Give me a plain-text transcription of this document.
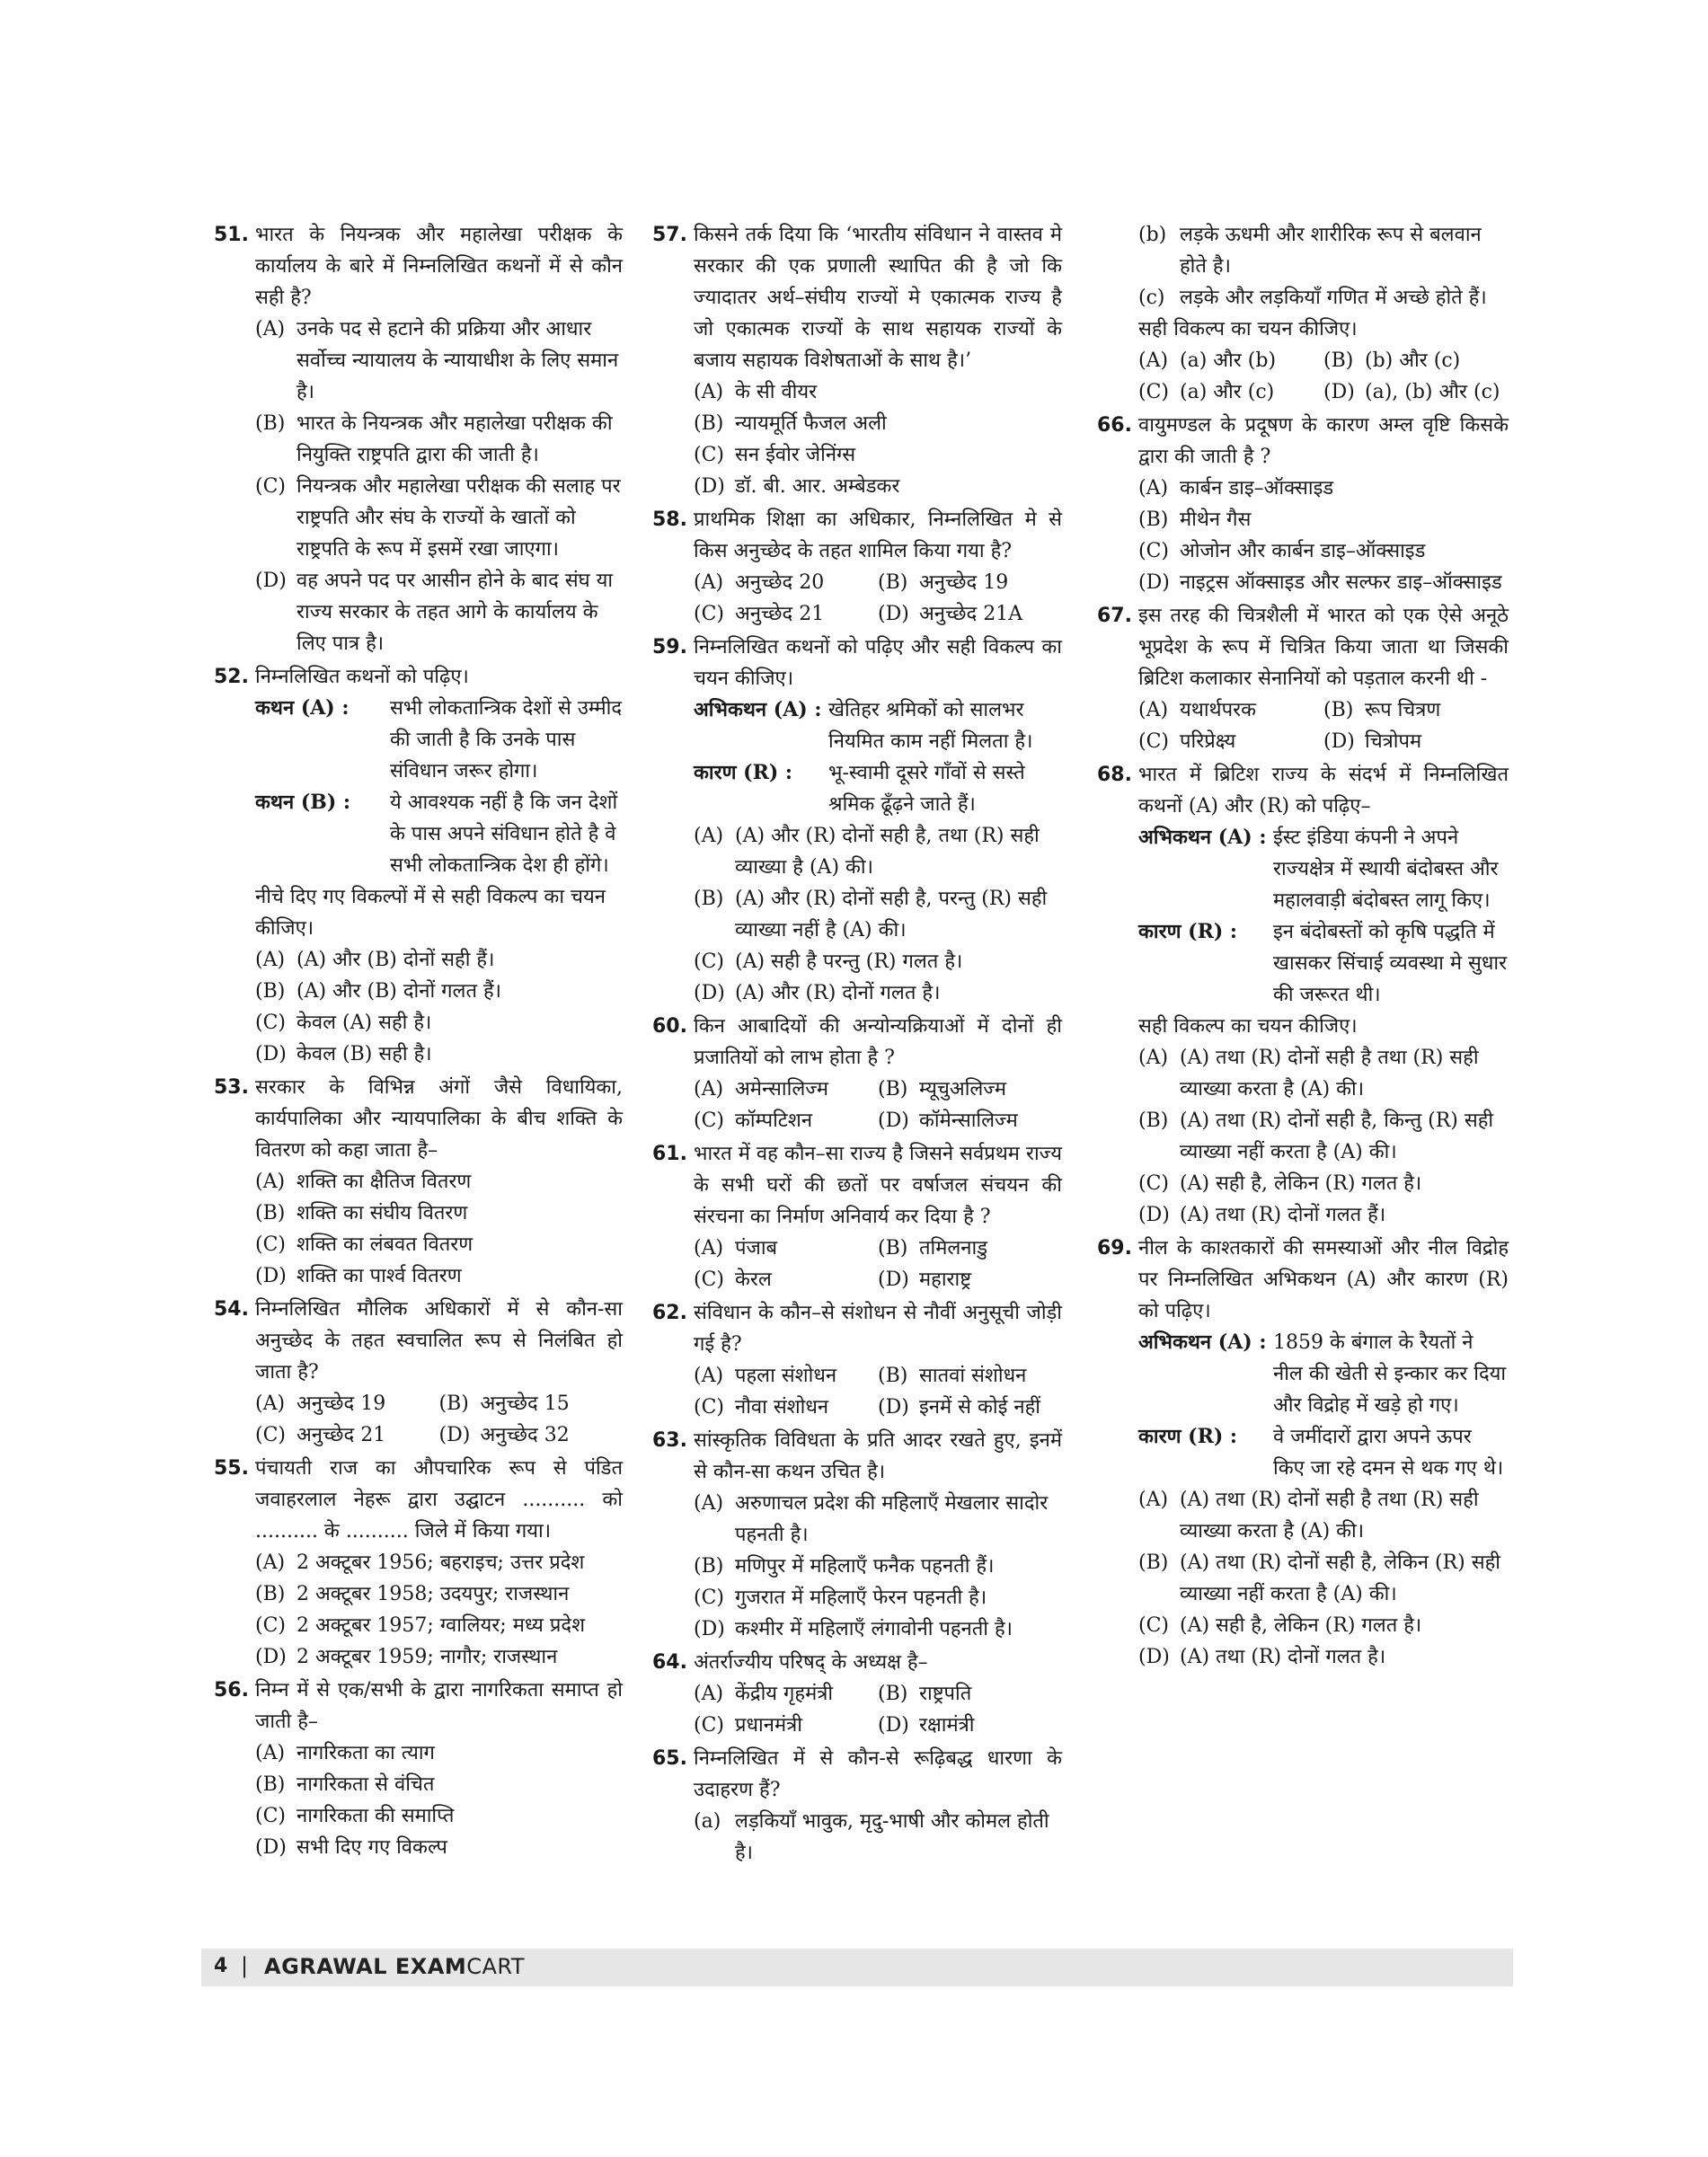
51. भारत के नियन्त्रक और महालेखा परीक्षक के कार्यालय के बारे में निम्नलिखित कथनों में से कौन सही है?
(A) उनके पद से हटाने की प्रक्रिया और आधार सर्वोच्च न्यायालय के न्यायाधीश के लिए समान है।
(B) भारत के नियन्त्रक और महालेखा परीक्षक की नियुक्ति राष्ट्रपति द्वारा की जाती है।
(C) नियन्त्रक और महालेखा परीक्षक की सलाह पर राष्ट्रपति और संघ के राज्यों के खातों को राष्ट्रपति के रूप में इसमें रखा जाएगा।
(D) वह अपने पद पर आसीन होने के बाद संघ या राज्य सरकार के तहत आगे के कार्यालय के लिए पात्र है।
52. निम्नलिखित कथनों को पढ़िए।
कथन (A) :	सभी लोकतान्त्रिक देशों से उम्मीद की जाती है कि उनके पास संविधान जरूर होगा।
कथन (B) :	ये आवश्यक नहीं है कि जन देशों के पास अपने संविधान होते है वे सभी लोकतान्त्रिक देश ही होंगे।
नीचे दिए गए विकल्पों में से सही विकल्प का चयन कीजिए।
(A) (A) और (B) दोनों सही हैं।
(B) (A) और (B) दोनों गलत हैं।
(C) केवल (A) सही है।
(D) केवल (B) सही है।
53. सरकार के विभिन्न अंगों जैसे विधायिका, कार्यपालिका और न्यायपालिका के बीच शक्ति के वितरण को कहा जाता है–
(A) शक्ति का क्षैतिज वितरण
(B) शक्ति का संघीय वितरण
(C) शक्ति का लंबवत वितरण
(D) शक्ति का पार्श्व वितरण
54. निम्नलिखित मौलिक अधिकारों में से कौन-सा अनुच्छेद के तहत स्वचालित रूप से निलंबित हो जाता है?
(A) अनुच्छेद 19	(B) अनुच्छेद 15
(C) अनुच्छेद 21	(D) अनुच्छेद 32
55. पंचायती राज का औपचारिक रूप से पंडित जवाहरलाल नेहरू द्वारा उद्घाटन .......... को .......... के .......... जिले में किया गया।
(A) 2 अक्टूबर 1956; बहराइच; उत्तर प्रदेश
(B) 2 अक्टूबर 1958; उदयपुर; राजस्थान
(C) 2 अक्टूबर 1957; ग्वालियर; मध्य प्रदेश
(D) 2 अक्टूबर 1959; नागौर; राजस्थान
56. निम्न में से एक/सभी के द्वारा नागरिकता समाप्त हो जाती है–
(A) नागरिकता का त्याग
(B) नागरिकता से वंचित
(C) नागरिकता की समाप्ति
(D) सभी दिए गए विकल्प
57. किसने तर्क दिया कि ‘भारतीय संविधान ने वास्तव मे सरकार की एक प्रणाली स्थापित की है जो कि ज्यादातर अर्थ–संघीय राज्यों मे एकात्मक राज्य है जो एकात्मक राज्यों के साथ सहायक राज्यों के बजाय सहायक विशेषताओं के साथ है।’
(A) के सी वीयर
(B) न्यायमूर्ति फैजल अली
(C) सन ईवोर जेनिंग्स
(D) डॉ. बी. आर. अम्बेडकर
58. प्राथमिक शिक्षा का अधिकार, निम्नलिखित मे से किस अनुच्छेद के तहत शामिल किया गया है?
(A) अनुच्छेद 20	(B) अनुच्छेद 19
(C) अनुच्छेद 21	(D) अनुच्छेद 21A
59. निम्नलिखित कथनों को पढ़िए और सही विकल्प का चयन कीजिए।
अभिकथन (A) : खेतिहर श्रमिकों को सालभर नियमित काम नहीं मिलता है।
कारण (R) :	भू-स्वामी दूसरे गाँवों से सस्ते श्रमिक ढूँढ़ने जाते हैं।
(A) (A) और (R) दोनों सही है, तथा (R) सही व्याख्या है (A) की।
(B) (A) और (R) दोनों सही है, परन्तु (R) सही व्याख्या नहीं है (A) की।
(C) (A) सही है परन्तु (R) गलत है।
(D) (A) और (R) दोनों गलत है।
60. किन आबादियों की अन्योन्यक्रियाओं में दोनों ही प्रजातियों को लाभ होता है ?
(A) अमेन्सालिज्म	(B) म्यूचुअलिज्म
(C) कॉम्पटिशन	(D) कॉमेन्सालिज्म
61. भारत में वह कौन–सा राज्य है जिसने सर्वप्रथम राज्य के सभी घरों की छतों पर वर्षाजल संचयन की संरचना का निर्माण अनिवार्य कर दिया है ?
(A) पंजाब	(B) तमिलनाडु
(C) केरल	(D) महाराष्ट्र
62. संविधान के कौन–से संशोधन से नौवीं अनुसूची जोड़ी गई है?
(A) पहला संशोधन	(B) सातवां संशोधन
(C) नौवा संशोधन	(D) इनमें से कोई नहीं
63. सांस्कृतिक विविधता के प्रति आदर रखते हुए, इनमें से कौन-सा कथन उचित है।
(A) अरुणाचल प्रदेश की महिलाएँ मेखलार सादोर पहनती है।
(B) मणिपुर में महिलाएँ फनैक पहनती हैं।
(C) गुजरात में महिलाएँ फेरन पहनती है।
(D) कश्मीर में महिलाएँ लंगावोनी पहनती है।
64. अंतर्राज्यीय परिषद् के अध्यक्ष है–
(A) केंद्रीय गृहमंत्री	(B) राष्ट्रपति
(C) प्रधानमंत्री	(D) रक्षामंत्री
65. निम्नलिखित में से कौन-से रूढ़िबद्ध धारणा के उदाहरण हैं?
(a) लड़कियाँ भावुक, मृदु-भाषी और कोमल होती है।
(b) लड़के ऊधमी और शारीरिक रूप से बलवान होते है।
(c) लड़के और लड़कियाँ गणित में अच्छे होते हैं।
सही विकल्प का चयन कीजिए।
(A) (a) और (b)	(B) (b) और (c)
(C) (a) और (c)	(D) (a), (b) और (c)
66. वायुमण्डल के प्रदूषण के कारण अम्ल वृष्टि किसके द्वारा की जाती है ?
(A) कार्बन डाइ–ऑक्साइड
(B) मीथेन गैस
(C) ओजोन और कार्बन डाइ–ऑक्साइड
(D) नाइट्रस ऑक्साइड और सल्फर डाइ–ऑक्साइड
67. इस तरह की चित्रशैली में भारत को एक ऐसे अनूठे भूप्रदेश के रूप में चित्रित किया जाता था जिसकी ब्रिटिश कलाकार सेनानियों को पड़ताल करनी थी -
(A) यथार्थपरक	(B) रूप चित्रण
(C) परिप्रेक्ष्य	(D) चित्रोपम
68. भारत में ब्रिटिश राज्य के संदर्भ में निम्नलिखित कथनों (A) और (R) को पढ़िए–
अभिकथन (A) : ईस्ट इंडिया कंपनी ने अपने राज्यक्षेत्र में स्थायी बंदोबस्त और महालवाड़ी बंदोबस्त लागू किए।
कारण (R) :	इन बंदोबस्तों को कृषि पद्धति में खासकर सिंचाई व्यवस्था मे सुधार की जरूरत थी।
सही विकल्प का चयन कीजिए।
(A) (A) तथा (R) दोनों सही है तथा (R) सही व्याख्या करता है (A) की।
(B) (A) तथा (R) दोनों सही है, किन्तु (R) सही व्याख्या नहीं करता है (A) की।
(C) (A) सही है, लेकिन (R) गलत है।
(D) (A) तथा (R) दोनों गलत हैं।
69. नील के काश्तकारों की समस्याओं और नील विद्रोह पर निम्नलिखित अभिकथन (A) और कारण (R) को पढ़िए।
अभिकथन (A) : 1859 के बंगाल के रैयतों ने नील की खेती से इन्कार कर दिया और विद्रोह में खड़े हो गए।
कारण (R) :	वे जमींदारों द्वारा अपने ऊपर किए जा रहे दमन से थक गए थे।
(A) (A) तथा (R) दोनों सही है तथा (R) सही व्याख्या करता है (A) की।
(B) (A) तथा (R) दोनों सही है, लेकिन (R) सही व्याख्या नहीं करता है (A) की।
(C) (A) सही है, लेकिन (R) गलत है।
(D) (A) तथा (R) दोनों गलत है।
4 | AGRAWAL EXAMCART
